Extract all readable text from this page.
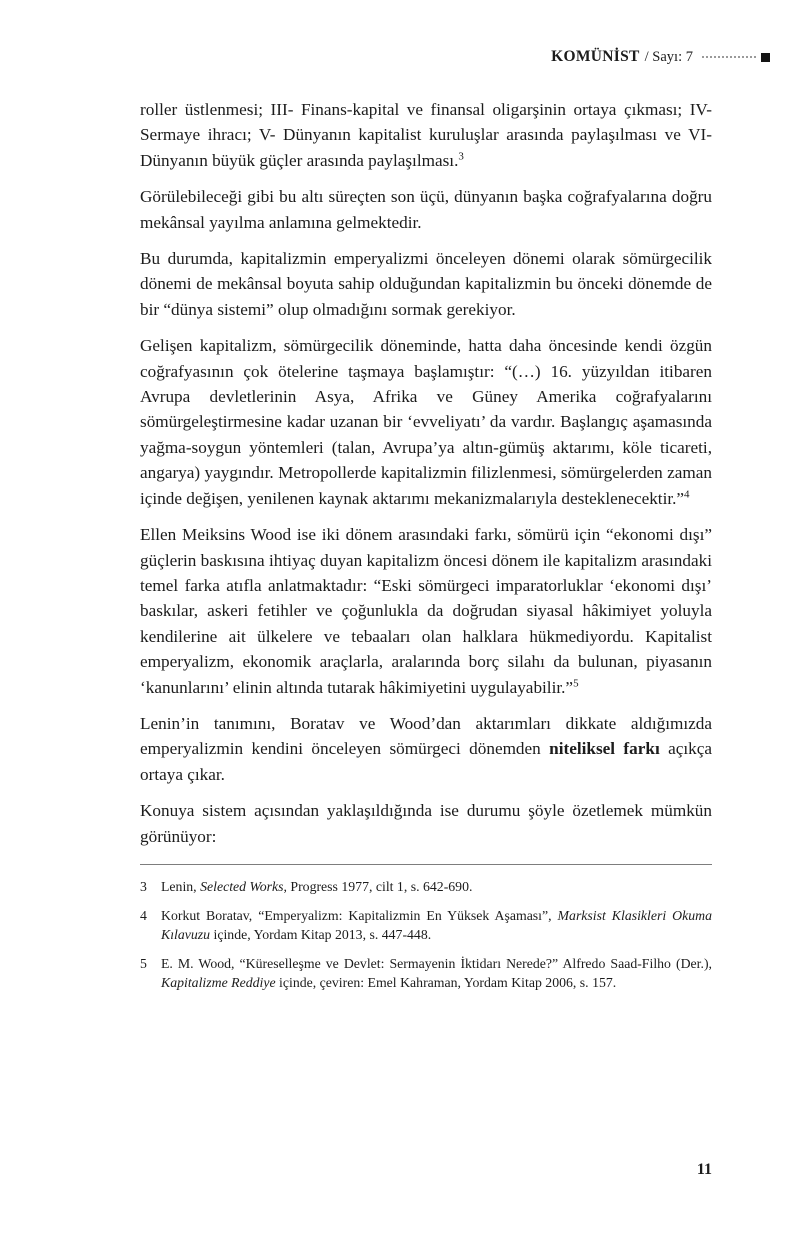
KOMÜNİST / Sayı: 7

roller üstlenmesi; III- Finans-kapital ve finansal oligarşinin ortaya çıkması; IV- Sermaye ihracı; V- Dünyanın kapitalist kuruluşlar arasında paylaşılması ve VI- Dünyanın büyük güçler arasında paylaşılması.$^3$

Görülebileceği gibi bu altı süreçten son üçü, dünyanın başka coğrafyalarına doğru mekânsal yayılma anlamına gelmektedir.

Bu durumda, kapitalizmin emperyalizmi önceleyen dönemi olarak sömürgecilik dönemi de mekânsal boyuta sahip olduğundan kapitalizmin bu önceki dönemde de bir “dünya sistemi” olup olmadığını sormak gerekiyor.

Gelişen kapitalizm, sömürgecilik döneminde, hatta daha öncesinde kendi özgün coğrafyasının çok ötelerine taşmaya başlamıştır: “(…) 16. yüzyıldan itibaren Avrupa devletlerinin Asya, Afrika ve Güney Amerika coğrafyalarını sömürgeleştirmesine kadar uzanan bir ‘evveliyatı’ da vardır. Başlangıç aşamasında yağma-soygun yöntemleri (talan, Avrupa’ya altın-gümüş aktarımı, köle ticareti, angarya) yaygındır. Metropollerde kapitalizmin filizlenmesi, sömürgelerden zaman içinde değişen, yenilenen kaynak aktarımı mekanizmalarıyla desteklenecektir.”$^4$

Ellen Meiksins Wood ise iki dönem arasındaki farkı, sömürü için “ekonomi dışı” güçlerin baskısına ihtiyaç duyan kapitalizm öncesi dönem ile kapitalizm arasındaki temel farka atıfla anlatmaktadır: “Eski sömürgeci imparatorluklar ‘ekonomi dışı’ baskılar, askeri fetihler ve çoğunlukla da doğrudan siyasal hâkimiyet yoluyla kendilerine ait ülkelere ve tebaaları olan halklara hükmediyordu. Kapitalist emperyalizm, ekonomik araçlarla, aralarında borç silahı da bulunan, piyasanın ‘kanunlarını’ elinin altında tutarak hâkimiyetini uygulayabilir.”$^5$

Lenin’in tanımını, Boratav ve Wood’dan aktarımları dikkate aldığımızda emperyalizmin kendini önceleyen sömürgeci dönemden niteliksel farkı açıkça ortaya çıkar.

Konuya sistem açısından yaklaşıldığında ise durumu şöyle özetlemek mümkün görünüyor:

3	Lenin, Selected Works, Progress 1977, cilt 1, s. 642-690.
4	Korkut Boratav, “Emperyalizm: Kapitalizmin En Yüksek Aşaması”, Marksist Klasikleri Okuma Kılavuzu içinde, Yordam Kitap 2013, s. 447-448.
5	E. M. Wood, “Küreselleşme ve Devlet: Sermayenin İktidarı Nerede?” Alfredo Saad-Filho (Der.), Kapitalizme Reddiye içinde, çeviren: Emel Kahraman, Yordam Kitap 2006, s. 157.
11
